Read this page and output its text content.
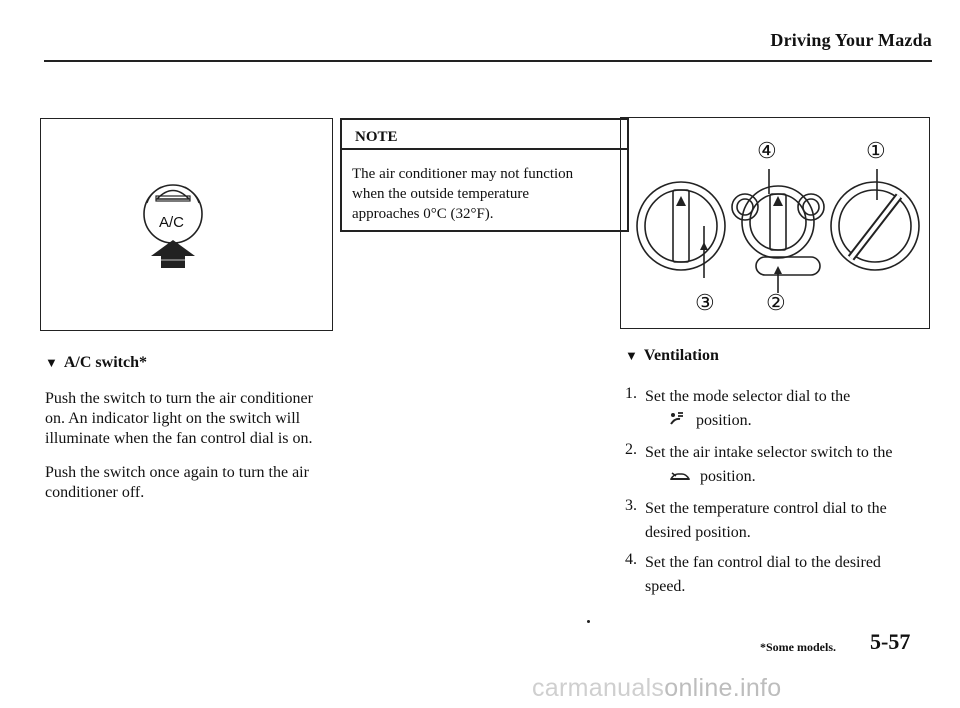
Driving Your Mazda
A/C
NOTE
The air conditioner may not function
when the outside temperature
approaches 0°C (32°F).
④	①
③ ②
▼ A/C switch*
Push the switch to turn the air conditioner
on. An indicator light on the switch will
illuminate when the fan control dial is on.
Push the switch once again to turn the air
conditioner off.
▼ Ventilation
1. Set the mode selector dial to the
position.
2. Set the air intake selector switch to the
position.
3. Set the temperature control dial to the
desired position.
4. Set the fan control dial to the desired
speed.
*Some models. 5-57
carmanualsonline.info
